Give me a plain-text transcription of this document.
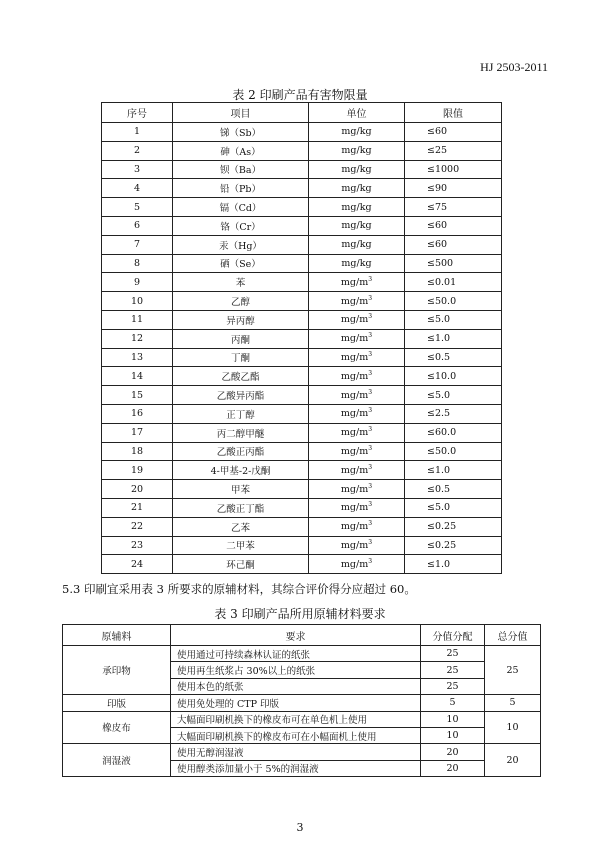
HJ 2503-2011
表 2 印刷产品有害物限量
序号	项目	单位	限值
1	锑（Sb）	mg/kg	≤60
2	砷（As）	mg/kg	≤25
3	钡（Ba）	mg/kg	≤1000
4	铅（Pb）	mg/kg	≤90
5	镉（Cd）	mg/kg	≤75
6	铬（Cr）	mg/kg	≤60
7	汞（Hg）	mg/kg	≤60
8	硒（Se）	mg/kg	≤500
9	苯	$mg/m^3$	≤0.01
10	乙醇	$mg/m^3$	≤50.0
11	异丙醇	$mg/m^3$	≤5.0
12	丙酮	$mg/m^3$	≤1.0
13	丁酮	$mg/m^3$	≤0.5
14	乙酸乙酯	$mg/m^3$	≤10.0
15	乙酸异丙酯	$mg/m^3$	≤5.0
16	正丁醇	$mg/m^3$	≤2.5
17	丙二醇甲醚	$mg/m^3$	≤60.0
18	乙酸正丙酯	$mg/m^3$	≤50.0
19	4-甲基-2-戊酮	$mg/m^3$	≤1.0
20	甲苯	$mg/m^3$	≤0.5
21	乙酸正丁酯	$mg/m^3$	≤5.0
22	乙苯	$mg/m^3$	≤0.25
23	二甲苯	$mg/m^3$	≤0.25
24	环己酮	$mg/m^3$	≤1.0
5.3 印刷宜采用表 3 所要求的原辅材料，其综合评价得分应超过 60。
表 3 印刷产品所用原辅材料要求
原辅料	要求	分值分配	总分值
承印物	使用通过可持续森林认证的纸张	25	25
	使用再生纸浆占 30%以上的纸张	25	
	使用本色的纸张	25	
印版	使用免处理的 CTP 印版	5	5
橡皮布	大幅面印刷机换下的橡皮布可在单色机上使用	10	10
	大幅面印刷机换下的橡皮布可在小幅面机上使用	10	
润湿液	使用无醇润湿液	20	20
	使用醇类添加量小于 5%的润湿液	20	
3
